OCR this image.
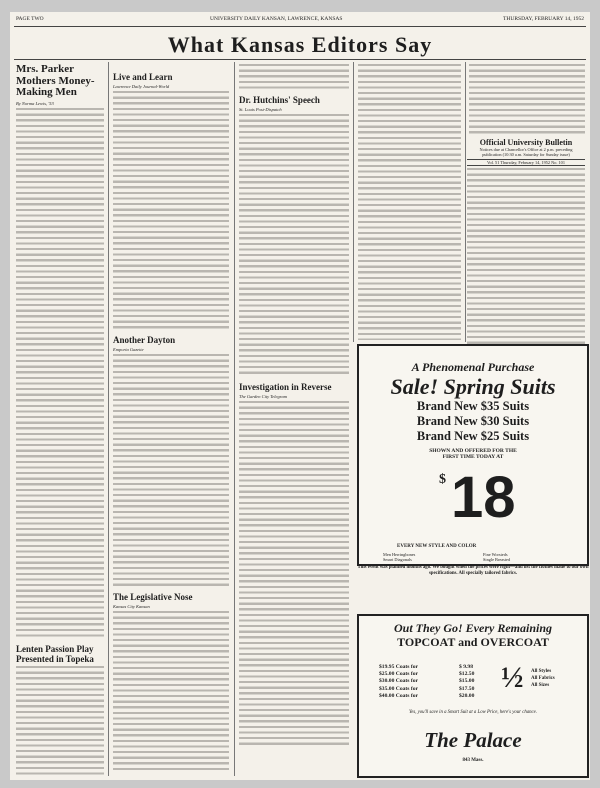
PAGE TWO	UNIVERSITY DAILY KANSAN, LAWRENCE, KANSAS	THURSDAY, FEBRUARY 14, 1952
What Kansas Editors Say
Mrs. Parker Mothers Money-Making Men
By Norma Lewis, '53
Lenten Passion Play Presented in Topeka
Live and Learn
Lawrence Daily Journal-World
Another Dayton
Emporia Gazette
The Legislative Nose
Kansas City Kansan
Dr. Hutchins' Speech
St. Louis Post-Dispatch
Investigation in Reverse
The Garden City Telegram
Official University Bulletin
Notices due at Chancellor's Office at 2 p.m. preceding
publication (10:30 a.m. Saturday for Sunday issue)
Vol. 51 Thursday, February 14, 1952 No. 101
A Phenomenal Purchase
Sale! Spring Suits
Brand New $35 Suits
Brand New $30 Suits
Brand New $25 Suits
SHOWN AND OFFERED FOR THE
FIRST TIME TODAY AT
$ 18
EVERY NEW STYLE AND COLOR
Men Herringbones
Smart Diagonals
Fine Worsteds
Single Breasted
This event was planned months ago. We bought when the prices were right—and list the clothes made to our own specifications. All specially tailored fabrics.
Out They Go! Every Remaining
TOPCOAT and OVERCOAT
$19.95 Coats for
$25.00 Coats for
$30.00 Coats for
$35.00 Coats for
$40.00 Coats for
$ 9.98
$12.50
$15.00
$17.50
$20.00
½ All Styles
All Fabrics
All Sizes
Yes, you'll save in a Smart Suit at a Low Price, here's your chance.
The Palace
843 Mass.
